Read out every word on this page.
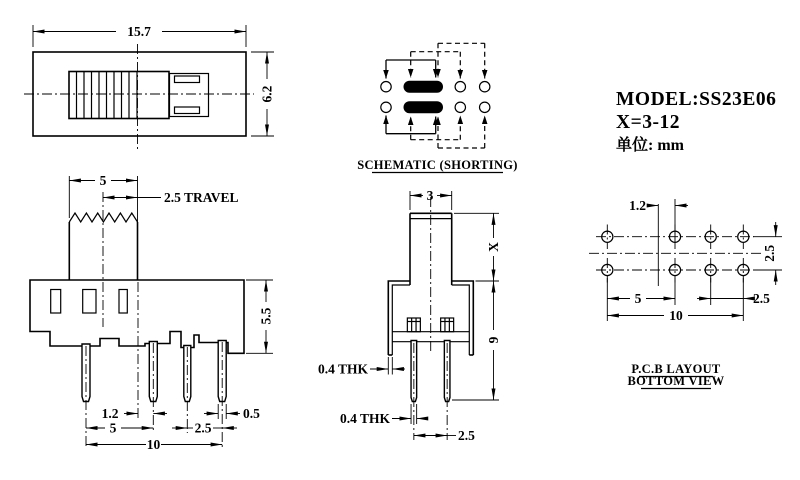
15.7
6.2
SCHEMATIC (SHORTING)
5
2.5 TRAVEL
5.5
1.2
5	2.5
0.5
10
3
X
9
0.4 THK
0.4 THK
2.5
1.2
2.5
5	2.5
10
P.C.B LAYOUT
BOTTOM VIEW
MODEL:SS23E06
X=3-12
单位: mm
